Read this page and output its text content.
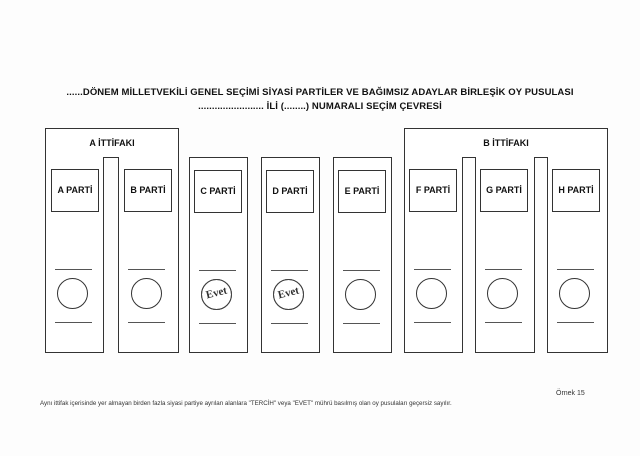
......DÖNEM MİLLETVEKİLİ GENEL SEÇİMİ SİYASİ PARTİLER VE BAĞIMSIZ ADAYLAR BİRLEŞİK OY PUSULASI
........................ İLİ (........) NUMARALI SEÇİM ÇEVRESİ
A İTTİFAKI	B İTTİFAKI
A PARTİ	B PARTİ	C PARTİ
Evet
D PARTİ
Evet
E PARTİ	F PARTİ	G PARTİ	H PARTİ
Örnek 15
Aynı ittifak içerisinde yer almayan birden fazla siyasi partiye ayrılan alanlara "TERCİH" veya "EVET" mührü basılmış olan oy pusulaları geçersiz sayılır.
